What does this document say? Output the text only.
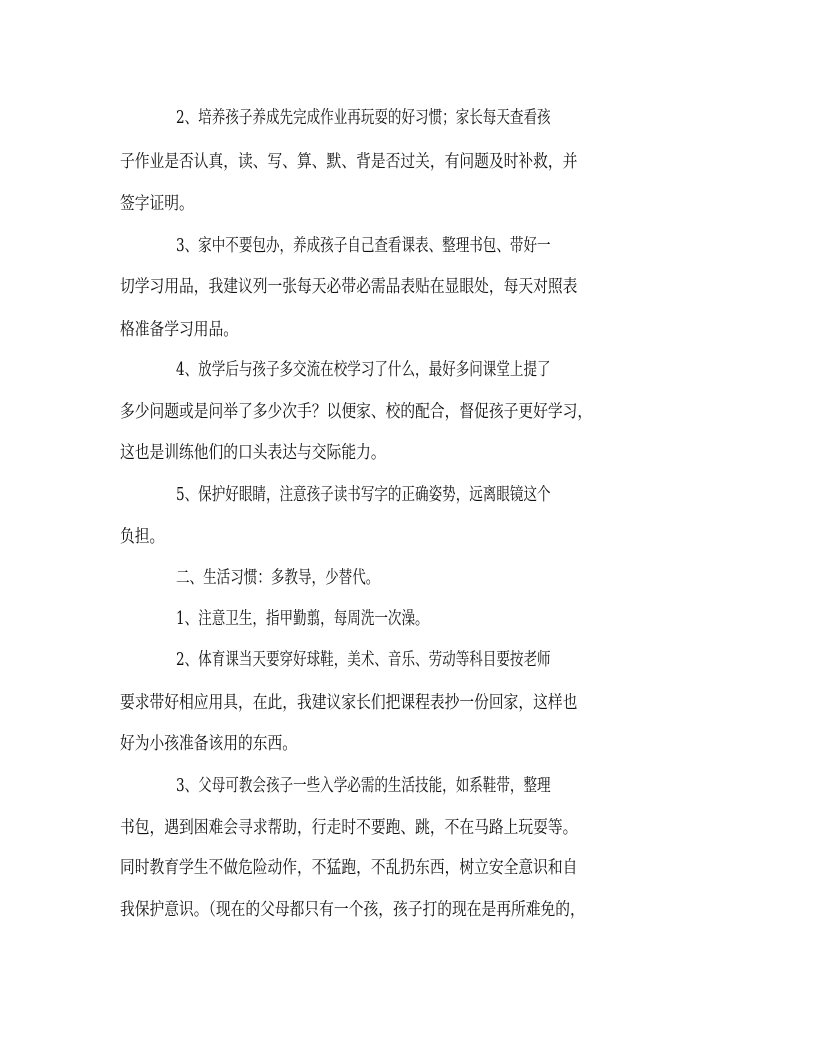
2、培养孩子养成先完成作业再玩耍的好习惯；家长每天查看孩
子作业是否认真，读、写、算、默、背是否过关，有问题及时补救，并
签字证明。
3、家中不要包办，养成孩子自己查看课表、整理书包、带好一
切学习用品，我建议列一张每天必带必需品表贴在显眼处，每天对照表
格准备学习用品。
4、放学后与孩子多交流在校学习了什么，最好多问课堂上提了
多少问题或是问举了多少次手？以便家、校的配合，督促孩子更好学习，
这也是训练他们的口头表达与交际能力。
5、保护好眼睛，注意孩子读书写字的正确姿势，远离眼镜这个
负担。
二、生活习惯：多教导，少替代。
1、注意卫生，指甲勤翦，每周洗一次澡。
2、体育课当天要穿好球鞋，美术、音乐、劳动等科目要按老师
要求带好相应用具，在此，我建议家长们把课程表抄一份回家，这样也
好为小孩准备该用的东西。
3、父母可教会孩子一些入学必需的生活技能，如系鞋带，整理
书包，遇到困难会寻求帮助，行走时不要跑、跳，不在马路上玩耍等。
同时教育学生不做危险动作，不猛跑，不乱扔东西，树立安全意识和自
我保护意识。（现在的父母都只有一个孩，孩子打的现在是再所难免的，
